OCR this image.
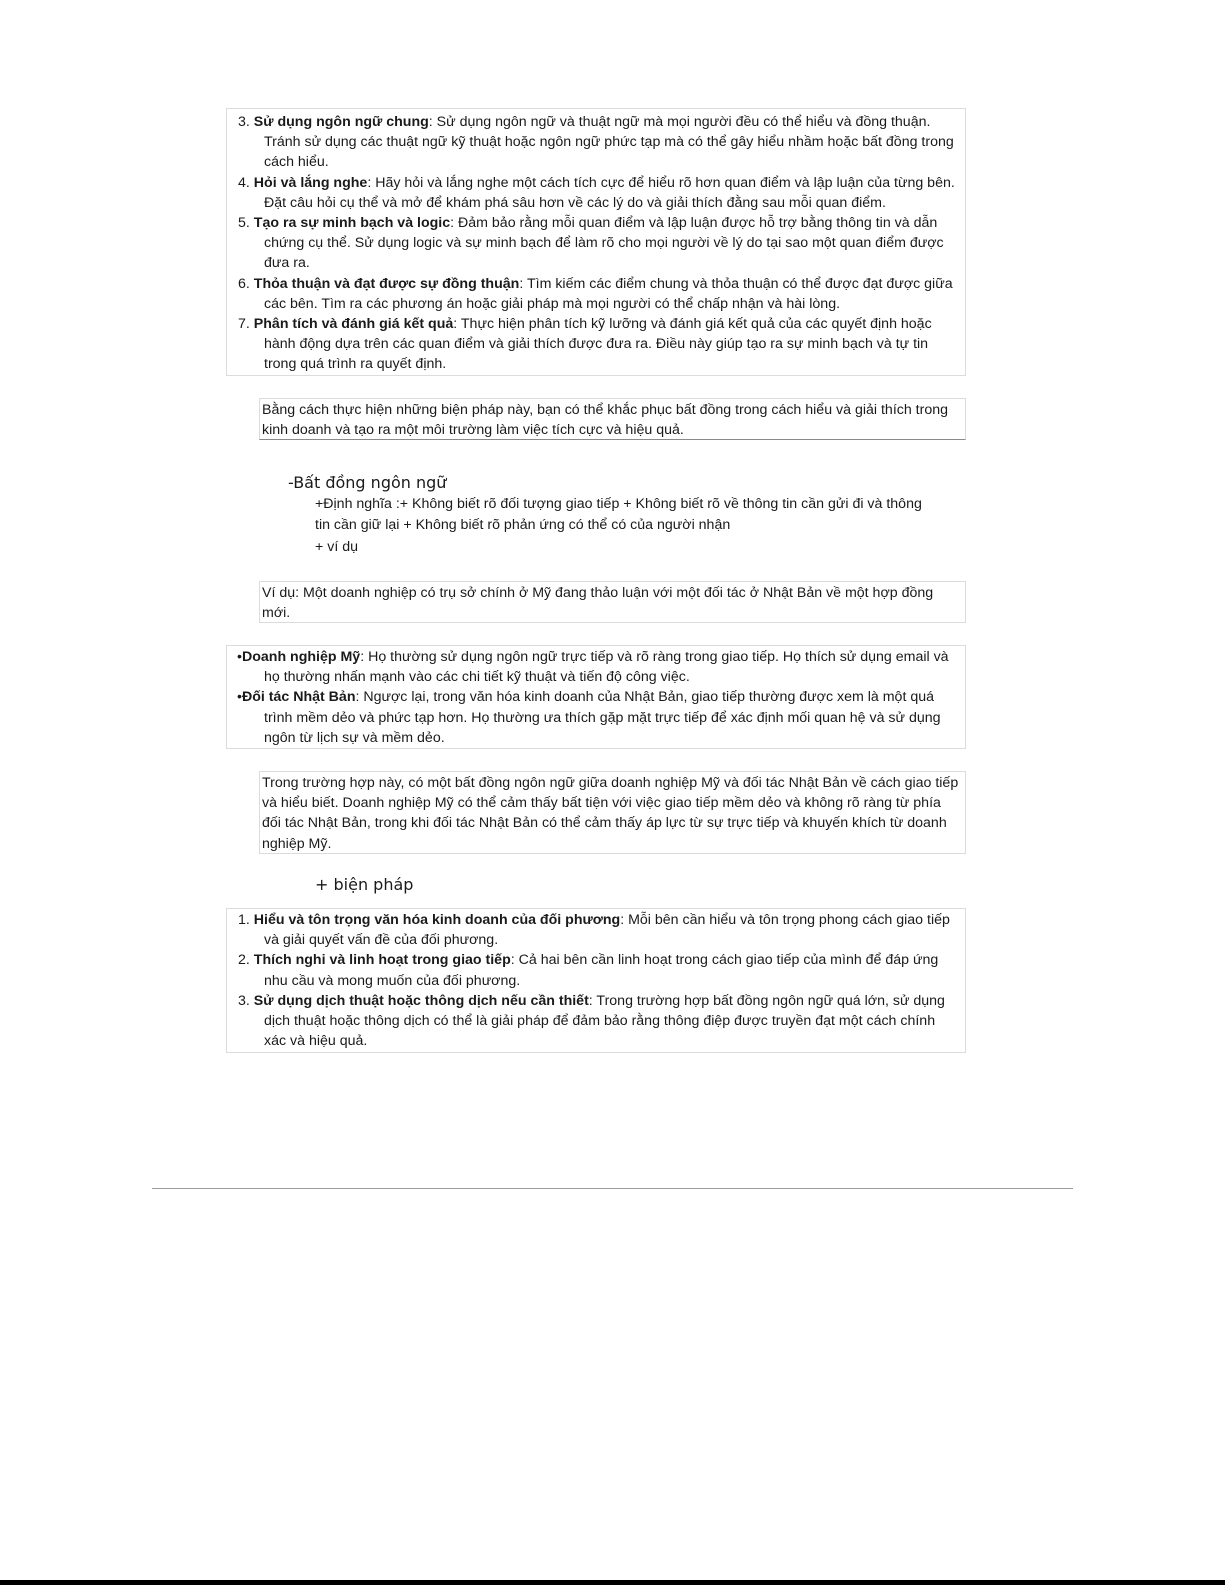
3. Sử dụng ngôn ngữ chung: Sử dụng ngôn ngữ và thuật ngữ mà mọi người đều có thể hiểu và đồng thuận. Tránh sử dụng các thuật ngữ kỹ thuật hoặc ngôn ngữ phức tạp mà có thể gây hiểu nhầm hoặc bất đồng trong cách hiểu.

4. Hỏi và lắng nghe: Hãy hỏi và lắng nghe một cách tích cực để hiểu rõ hơn quan điểm và lập luận của từng bên. Đặt câu hỏi cụ thể và mở để khám phá sâu hơn về các lý do và giải thích đằng sau mỗi quan điểm.

5. Tạo ra sự minh bạch và logic: Đảm bảo rằng mỗi quan điểm và lập luận được hỗ trợ bằng thông tin và dẫn chứng cụ thể. Sử dụng logic và sự minh bạch để làm rõ cho mọi người về lý do tại sao một quan điểm được đưa ra.

6. Thỏa thuận và đạt được sự đồng thuận: Tìm kiếm các điểm chung và thỏa thuận có thể được đạt được giữa các bên. Tìm ra các phương án hoặc giải pháp mà mọi người có thể chấp nhận và hài lòng.

7. Phân tích và đánh giá kết quả: Thực hiện phân tích kỹ lưỡng và đánh giá kết quả của các quyết định hoặc hành động dựa trên các quan điểm và giải thích được đưa ra. Điều này giúp tạo ra sự minh bạch và tự tin trong quá trình ra quyết định.

Bằng cách thực hiện những biện pháp này, bạn có thể khắc phục bất đồng trong cách hiểu và giải thích trong kinh doanh và tạo ra một môi trường làm việc tích cực và hiệu quả.

-Bất đồng ngôn ngữ
+Định nghĩa :+ Không biết rõ đối tượng giao tiếp + Không biết rõ về thông tin cần gửi đi và thông
tin cần giữ lại + Không biết rõ phản ứng có thể có của người nhận
+ ví dụ

Ví dụ: Một doanh nghiệp có trụ sở chính ở Mỹ đang thảo luận với một đối tác ở Nhật Bản về một hợp đồng mới.

•Doanh nghiệp Mỹ: Họ thường sử dụng ngôn ngữ trực tiếp và rõ ràng trong giao tiếp. Họ thích sử dụng email và họ thường nhấn mạnh vào các chi tiết kỹ thuật và tiến độ công việc.

•Đối tác Nhật Bản: Ngược lại, trong văn hóa kinh doanh của Nhật Bản, giao tiếp thường được xem là một quá trình mềm dẻo và phức tạp hơn. Họ thường ưa thích gặp mặt trực tiếp để xác định mối quan hệ và sử dụng ngôn từ lịch sự và mềm dẻo.

Trong trường hợp này, có một bất đồng ngôn ngữ giữa doanh nghiệp Mỹ và đối tác Nhật Bản về cách giao tiếp và hiểu biết. Doanh nghiệp Mỹ có thể cảm thấy bất tiện với việc giao tiếp mềm dẻo và không rõ ràng từ phía đối tác Nhật Bản, trong khi đối tác Nhật Bản có thể cảm thấy áp lực từ sự trực tiếp và khuyến khích từ doanh nghiệp Mỹ.

+ biện pháp

1. Hiểu và tôn trọng văn hóa kinh doanh của đối phương: Mỗi bên cần hiểu và tôn trọng phong cách giao tiếp và giải quyết vấn đề của đối phương.

2. Thích nghi và linh hoạt trong giao tiếp: Cả hai bên cần linh hoạt trong cách giao tiếp của mình để đáp ứng nhu cầu và mong muốn của đối phương.

3. Sử dụng dịch thuật hoặc thông dịch nếu cần thiết: Trong trường hợp bất đồng ngôn ngữ quá lớn, sử dụng dịch thuật hoặc thông dịch có thể là giải pháp để đảm bảo rằng thông điệp được truyền đạt một cách chính xác và hiệu quả.
